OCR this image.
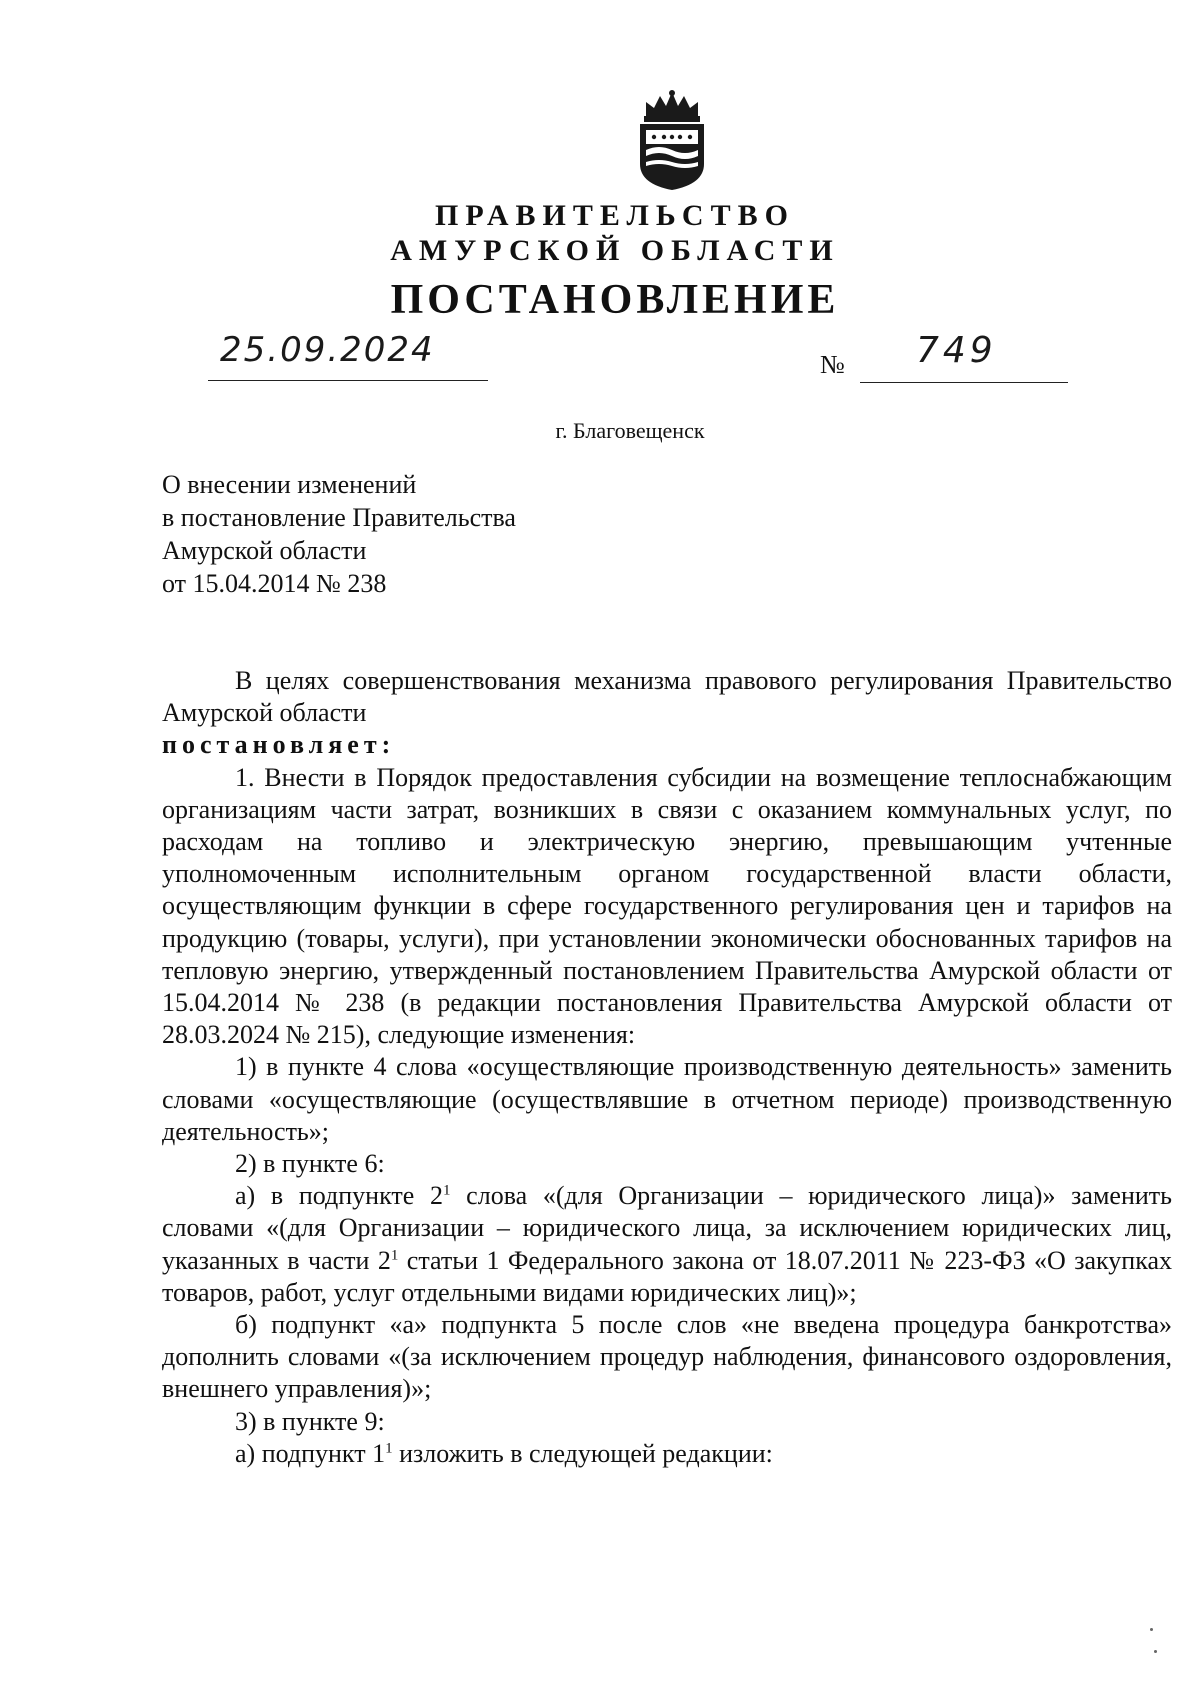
ПРАВИТЕЛЬСТВО
АМУРСКОЙ ОБЛАСТИ
ПОСТАНОВЛЕНИЕ
25.09.2024	№ 749
г. Благовещенск
О внесении изменений
в постановление Правительства
Амурской области
от 15.04.2014 № 238

В целях совершенствования механизма правового регулирования Правительство Амурской области

постановляет:

1. Внести в Порядок предоставления субсидии на возмещение теплоснабжающим организациям части затрат, возникших в связи с оказанием коммунальных услуг, по расходам на топливо и электрическую энергию, превышающим учтенные уполномоченным исполнительным органом государственной власти области, осуществляющим функции в сфере государственного регулирования цен и тарифов на продукцию (товары, услуги), при установлении экономически обоснованных тарифов на тепловую энергию, утвержденный постановлением Правительства Амурской области от 15.04.2014 № 238 (в редакции постановления Правительства Амурской области от 28.03.2024 № 215), следующие изменения:

1) в пункте 4 слова «осуществляющие производственную деятельность» заменить словами «осуществляющие (осуществлявшие в отчетном периоде) производственную деятельность»;

2) в пункте 6:

а) в подпункте $2^1$ слова «(для Организации – юридического лица)» заменить словами «(для Организации – юридического лица, за исключением юридических лиц, указанных в части $2^1$ статьи 1 Федерального закона от 18.07.2011 № 223-ФЗ «О закупках товаров, работ, услуг отдельными видами юридических лиц)»;

б) подпункт «а» подпункта 5 после слов «не введена процедура банкротства» дополнить словами «(за исключением процедур наблюдения, финансового оздоровления, внешнего управления)»;

3) в пункте 9:

а) подпункт $1^1$ изложить в следующей редакции:
